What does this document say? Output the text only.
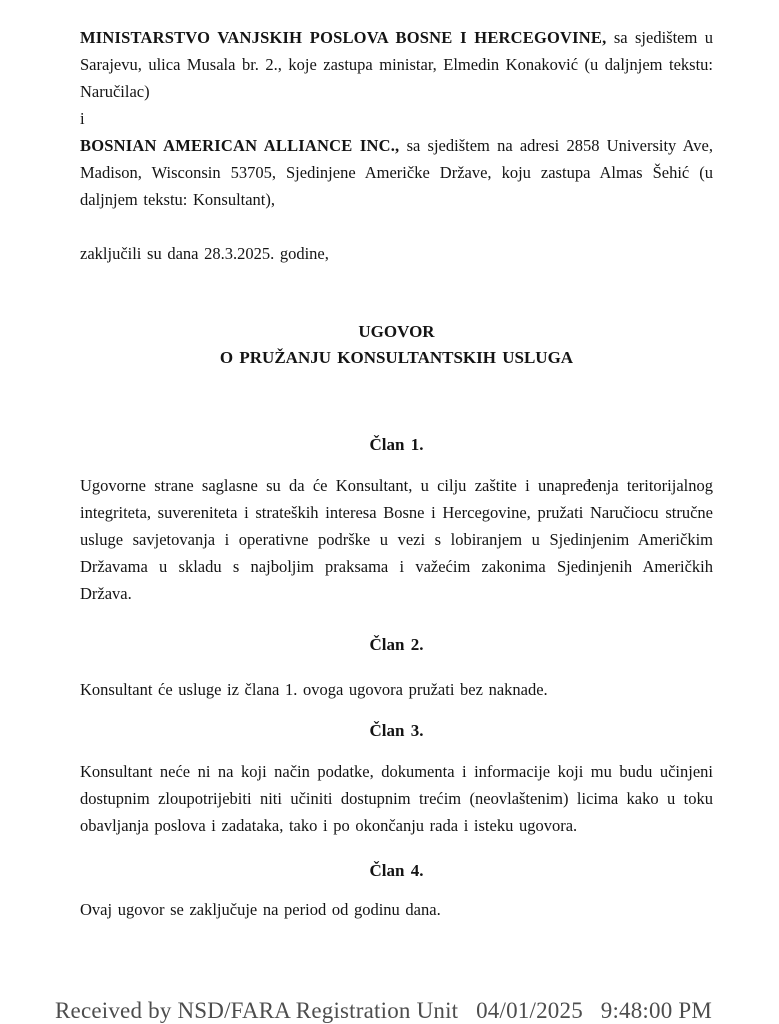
MINISTARSTVO VANJSKIH POSLOVA BOSNE I HERCEGOVINE, sa sjedištem u Sarajevu, ulica Musala br. 2., koje zastupa ministar, Elmedin Konaković (u daljnjem tekstu: Naručilac)

i

BOSNIAN AMERICAN ALLIANCE INC., sa sjedištem na adresi 2858 University Ave, Madison, Wisconsin 53705, Sjedinjene Američke Države, koju zastupa Almas Šehić (u daljnjem tekstu: Konsultant),

zaključili su dana 28.3.2025. godine,

UGOVOR
O PRUŽANJU KONSULTANTSKIH USLUGA
Član 1.

Ugovorne strane saglasne su da će Konsultant, u cilju zaštite i unapređenja teritorijalnog integriteta, suvereniteta i strateških interesa Bosne i Hercegovine, pružati Naručiocu stručne usluge savjetovanja i operativne podrške u vezi s lobiranjem u Sjedinjenim Američkim Državama u skladu s najboljim praksama i važećim zakonima Sjedinjenih Američkih Država.

Član 2.

Konsultant će usluge iz člana 1. ovoga ugovora pružati bez naknade.

Član 3.

Konsultant neće ni na koji način podatke, dokumenta i informacije koji mu budu učinjeni dostupnim zloupotrijebiti niti učiniti dostupnim trećim (neovlaštenim) licima kako u toku obavljanja poslova i zadataka, tako i po okončanju rada i isteku ugovora.

Član 4.

Ovaj ugovor se zaključuje na period od godinu dana.

Received by NSD/FARA Registration Unit   04/01/2025   9:48:00 PM
